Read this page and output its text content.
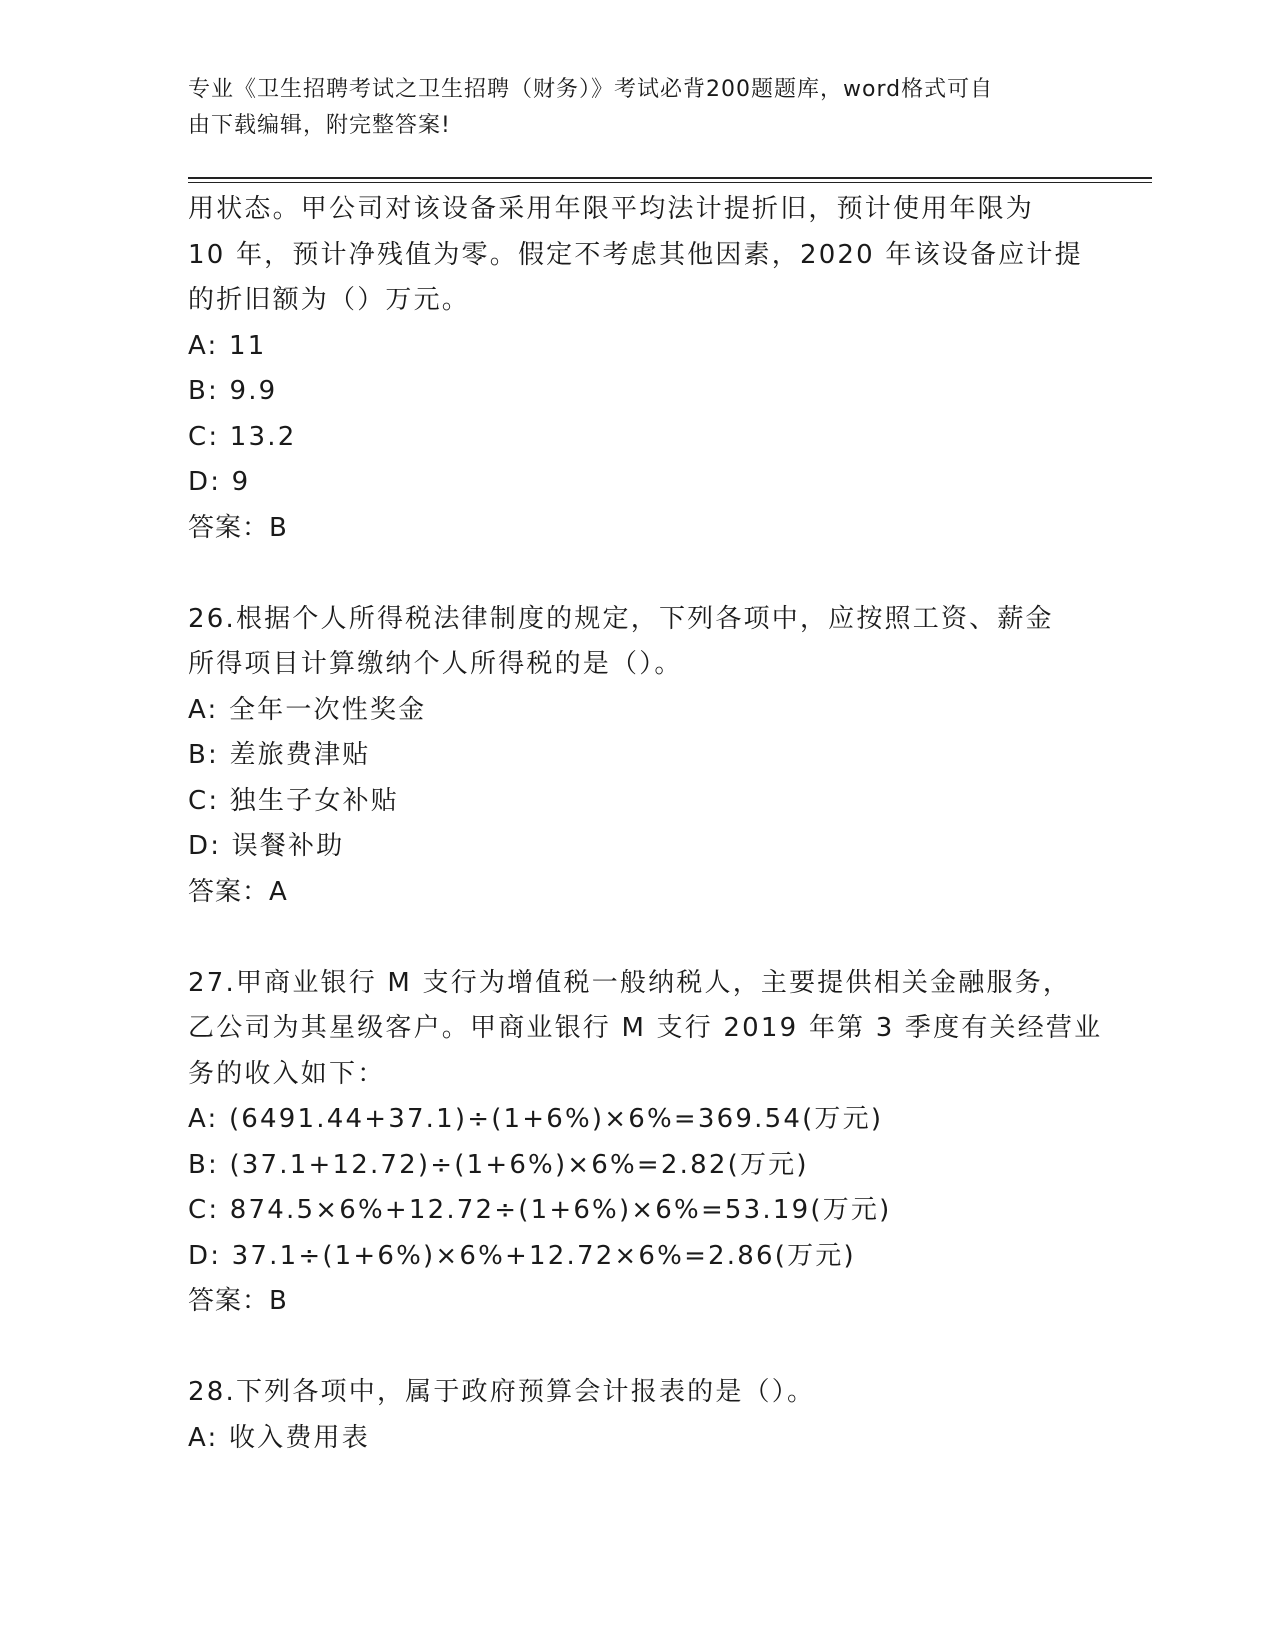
专业《卫生招聘考试之卫生招聘（财务）》考试必背200题题库，word格式可自
由下载编辑，附完整答案!
用状态。甲公司对该设备采用年限平均法计提折旧，预计使用年限为
10 年，预计净残值为零。假定不考虑其他因素，2020 年该设备应计提
的折旧额为（）万元。
A: 11
B: 9.9
C: 13.2
D: 9
答案：B
26.根据个人所得税法律制度的规定，下列各项中，应按照工资、薪金
所得项目计算缴纳个人所得税的是（）。
A: 全年一次性奖金
B: 差旅费津贴
C: 独生子女补贴
D: 误餐补助
答案：A
27.甲商业银行 M 支行为增值税一般纳税人，主要提供相关金融服务，
乙公司为其星级客户。甲商业银行 M 支行 2019 年第 3 季度有关经营业
务的收入如下：
A: (6491.44+37.1)÷(1+6%)×6%=369.54(万元)
B: (37.1+12.72)÷(1+6%)×6%=2.82(万元)
C: 874.5×6%+12.72÷(1+6%)×6%=53.19(万元)
D: 37.1÷(1+6%)×6%+12.72×6%=2.86(万元)
答案：B
28.下列各项中，属于政府预算会计报表的是（）。
A: 收入费用表
